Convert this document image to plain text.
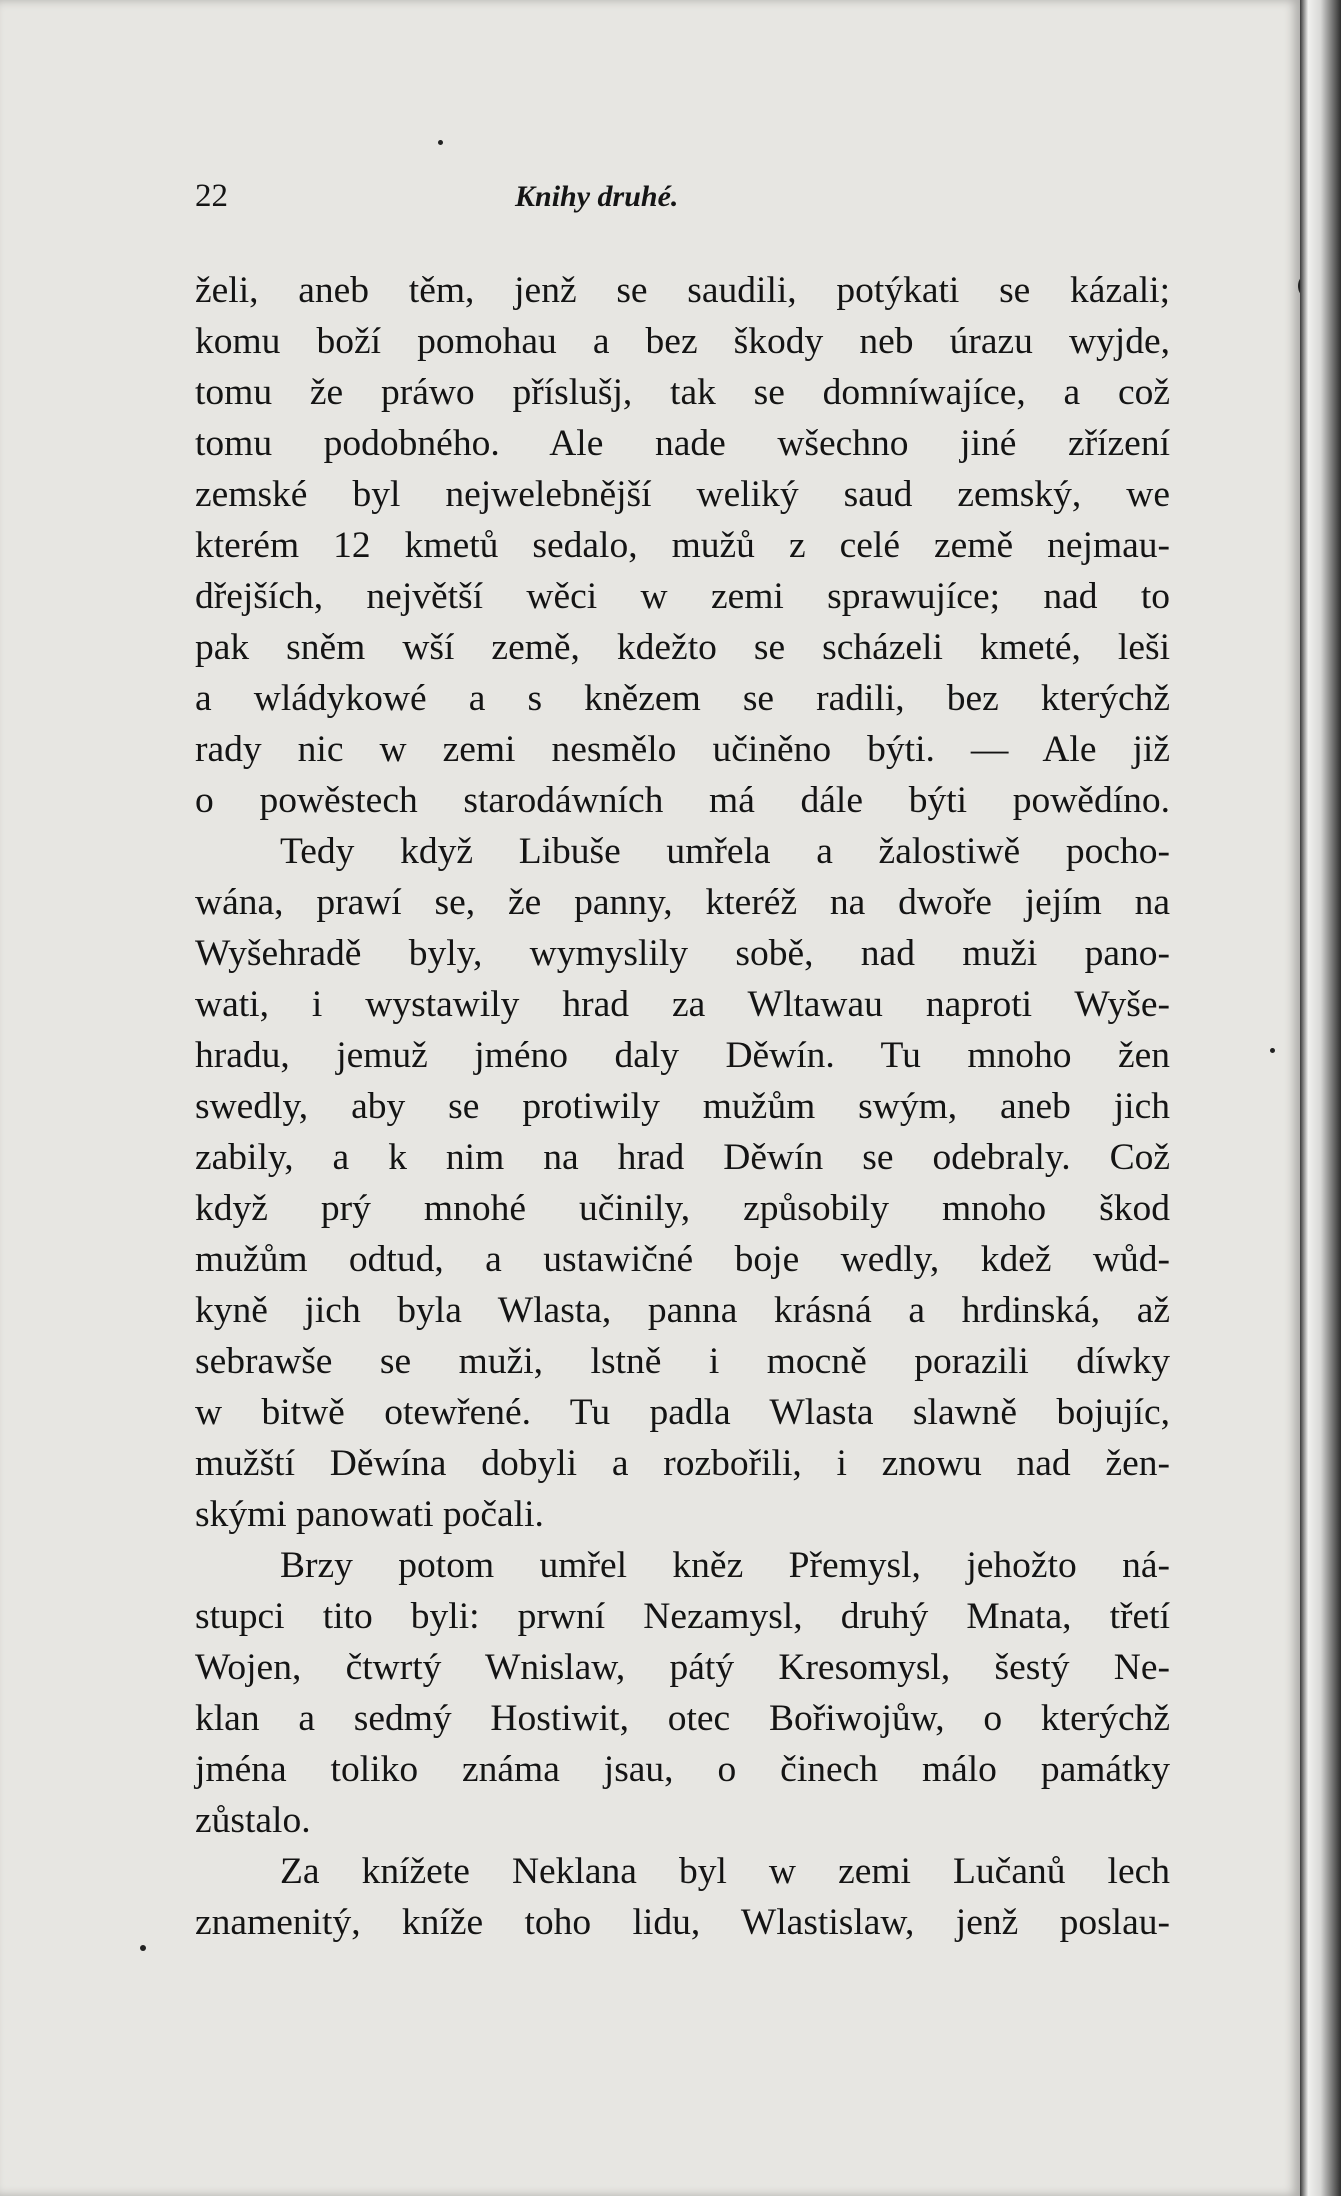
22	Knihy druhé.
želi, aneb těm, jenž se saudili, potýkati se kázali;
komu boží pomohau a bez škody neb úrazu wyjde,
tomu že práwo příslušj, tak se domníwajíce, a což
tomu podobného. Ale nade wšechno jiné zřízení
zemské byl nejwelebnější weliký saud zemský, we
kterém 12 kmetů sedalo, mužů z celé země nejmau-
dřejších, největší wěci w zemi sprawujíce; nad to
pak sněm wší země, kdežto se scházeli kmeté, leši
a wládykowé a s knězem se radili, bez kterýchž
rady nic w zemi nesmělo učiněno býti. — Ale již
o powěstech starodáwních má dále býti powědíno.
Tedy když Libuše umřela a žalostiwě pocho-
wána, prawí se, že panny, kteréž na dwoře jejím na
Wyšehradě byly, wymyslily sobě, nad muži pano-
wati, i wystawily hrad za Wltawau naproti Wyše-
hradu, jemuž jméno daly Děwín. Tu mnoho žen
swedly, aby se protiwily mužům swým, aneb jich
zabily, a k nim na hrad Děwín se odebraly. Což
když prý mnohé učinily, způsobily mnoho škod
mužům odtud, a ustawičné boje wedly, kdež wůd-
kyně jich byla Wlasta, panna krásná a hrdinská, až
sebrawše se muži, lstně i mocně porazili díwky
w bitwě otewřené. Tu padla Wlasta slawně bojujíc,
mužští Děwína dobyli a rozbořili, i znowu nad žen-
skými panowati počali.
Brzy potom umřel kněz Přemysl, jehožto ná-
stupci tito byli: prwní Nezamysl, druhý Mnata, třetí
Wojen, čtwrtý Wnislaw, pátý Kresomysl, šestý Ne-
klan a sedmý Hostiwit, otec Bořiwojůw, o kterýchž
jména toliko známa jsau, o činech málo památky
zůstalo.
Za knížete Neklana byl w zemi Lučanů lech
znamenitý, kníže toho lidu, Wlastislaw, jenž poslau-
